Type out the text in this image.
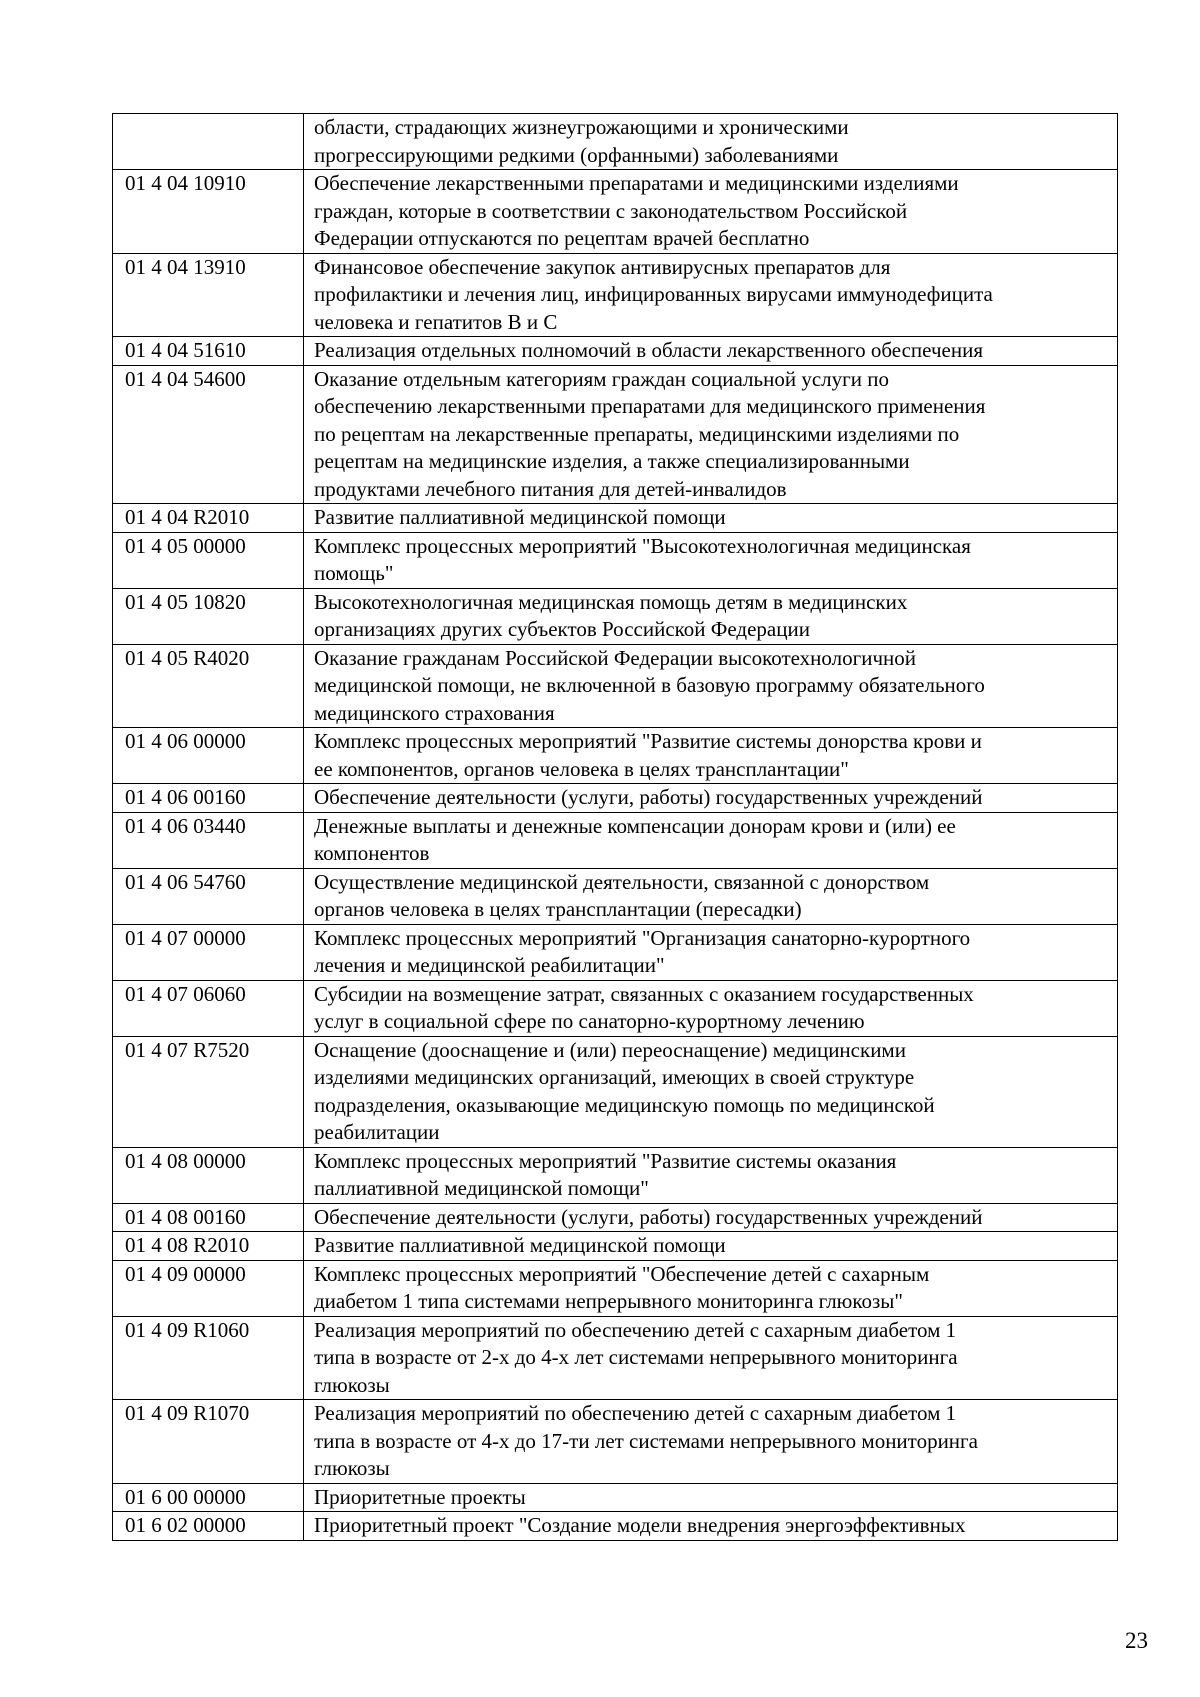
	области, страдающих жизнеугрожающими и хроническими
прогрессирующими редкими (орфанными) заболеваниями
01 4 04 10910	Обеспечение лекарственными препаратами и медицинскими изделиями
граждан, которые в соответствии с законодательством Российской
Федерации отпускаются по рецептам врачей бесплатно
01 4 04 13910	Финансовое обеспечение закупок антивирусных препаратов для
профилактики и лечения лиц, инфицированных вирусами иммунодефицита
человека и гепатитов В и С
01 4 04 51610	Реализация отдельных полномочий в области лекарственного обеспечения
01 4 04 54600	Оказание отдельным категориям граждан социальной услуги по
обеспечению лекарственными препаратами для медицинского применения
по рецептам на лекарственные препараты, медицинскими изделиями по
рецептам на медицинские изделия, а также специализированными
продуктами лечебного питания для детей-инвалидов
01 4 04 R2010	Развитие паллиативной медицинской помощи
01 4 05 00000	Комплекс процессных мероприятий "Высокотехнологичная медицинская
помощь"
01 4 05 10820	Высокотехнологичная медицинская помощь детям в медицинских
организациях других субъектов Российской Федерации
01 4 05 R4020	Оказание гражданам Российской Федерации высокотехнологичной
медицинской помощи, не включенной в базовую программу обязательного
медицинского страхования
01 4 06 00000	Комплекс процессных мероприятий "Развитие системы донорства крови и
ее компонентов, органов человека в целях трансплантации"
01 4 06 00160	Обеспечение деятельности (услуги, работы) государственных учреждений
01 4 06 03440	Денежные выплаты и денежные компенсации донорам крови и (или) ее
компонентов
01 4 06 54760	Осуществление медицинской деятельности, связанной с донорством
органов человека в целях трансплантации (пересадки)
01 4 07 00000	Комплекс процессных мероприятий "Организация санаторно-курортного
лечения и медицинской реабилитации"
01 4 07 06060	Субсидии на возмещение затрат, связанных с оказанием государственных
услуг в социальной сфере по санаторно-курортному лечению
01 4 07 R7520	Оснащение (дооснащение и (или) переоснащение) медицинскими
изделиями медицинских организаций, имеющих в своей структуре
подразделения, оказывающие медицинскую помощь по медицинской
реабилитации
01 4 08 00000	Комплекс процессных мероприятий "Развитие системы оказания
паллиативной медицинской помощи"
01 4 08 00160	Обеспечение деятельности (услуги, работы) государственных учреждений
01 4 08 R2010	Развитие паллиативной медицинской помощи
01 4 09 00000	Комплекс процессных мероприятий "Обеспечение детей с сахарным
диабетом 1 типа системами непрерывного мониторинга глюкозы"
01 4 09 R1060	Реализация мероприятий по обеспечению детей с сахарным диабетом 1
типа в возрасте от 2-х до 4-х лет системами непрерывного мониторинга
глюкозы
01 4 09 R1070	Реализация мероприятий по обеспечению детей с сахарным диабетом 1
типа в возрасте от 4-х до 17-ти лет системами непрерывного мониторинга
глюкозы
01 6 00 00000	Приоритетные проекты
01 6 02 00000	Приоритетный проект "Создание модели внедрения энергоэффективных
23
